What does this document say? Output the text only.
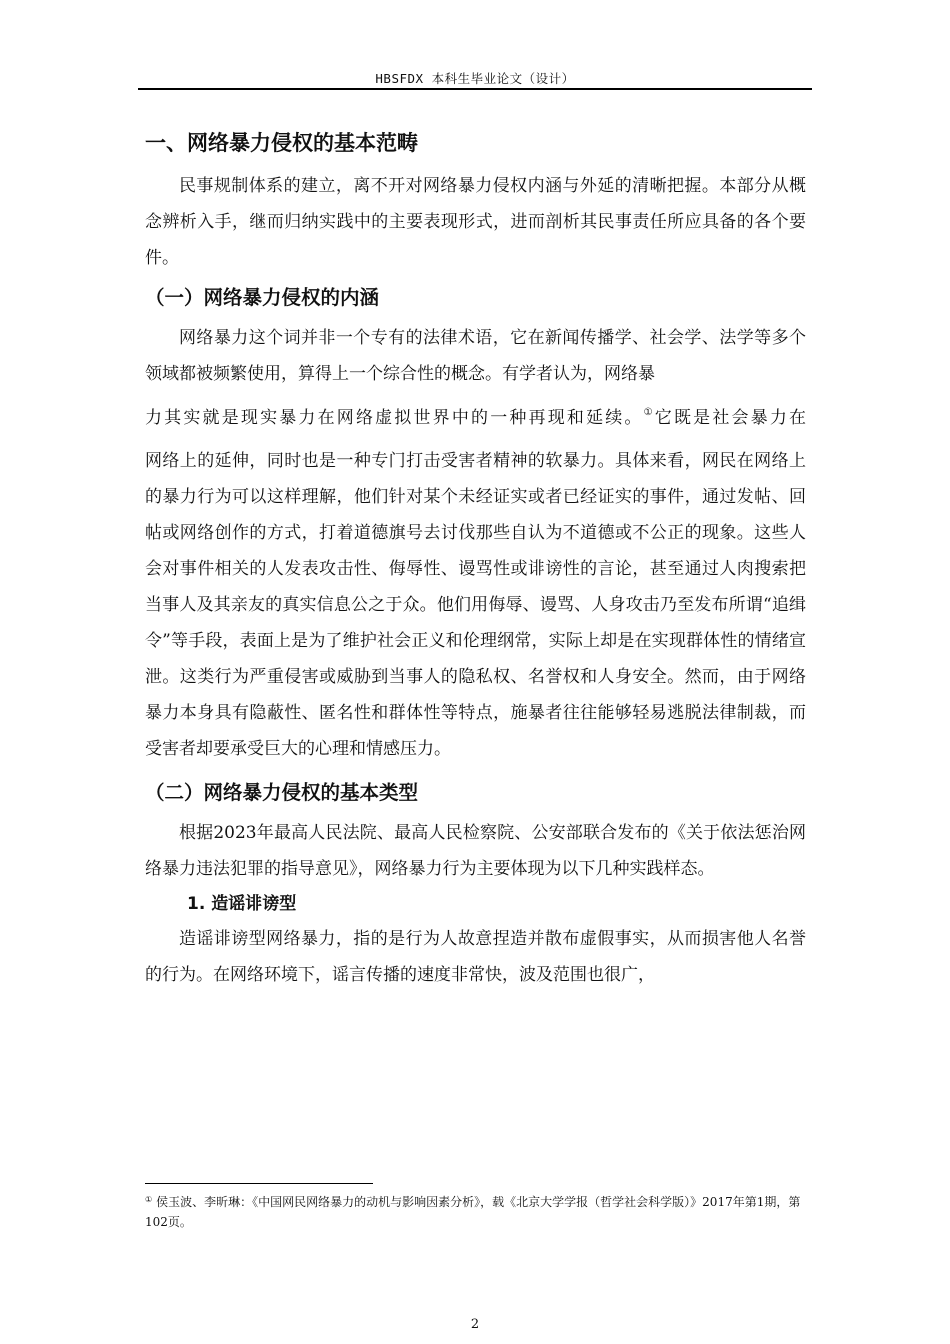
HBSFDX 本科生毕业论文（设计）
一、网络暴力侵权的基本范畴

民事规制体系的建立，离不开对网络暴力侵权内涵与外延的清晰把握。本部分从概念辨析入手，继而归纳实践中的主要表现形式，进而剖析其民事责任所应具备的各个要件。

（一）网络暴力侵权的内涵

网络暴力这个词并非一个专有的法律术语，它在新闻传播学、社会学、法学等多个领域都被频繁使用，算得上一个综合性的概念。有学者认为，网络暴

力其实就是现实暴力在网络虚拟世界中的一种再现和延续。①它既是社会暴力在

网络上的延伸，同时也是一种专门打击受害者精神的软暴力。具体来看，网民在网络上的暴力行为可以这样理解，他们针对某个未经证实或者已经证实的事件，通过发帖、回帖或网络创作的方式，打着道德旗号去讨伐那些自认为不道德或不公正的现象。这些人会对事件相关的人发表攻击性、侮辱性、谩骂性或诽谤性的言论，甚至通过人肉搜索把当事人及其亲友的真实信息公之于众。他们用侮辱、谩骂、人身攻击乃至发布所谓“追缉令”等手段，表面上是为了维护社会正义和伦理纲常，实际上却是在实现群体性的情绪宣泄。这类行为严重侵害或威胁到当事人的隐私权、名誉权和人身安全。然而，由于网络暴力本身具有隐蔽性、匿名性和群体性等特点，施暴者往往能够轻易逃脱法律制裁，而受害者却要承受巨大的心理和情感压力。

（二）网络暴力侵权的基本类型

根据2023年最高人民法院、最高人民检察院、公安部联合发布的《关于依法惩治网络暴力违法犯罪的指导意见》，网络暴力行为主要体现为以下几种实践样态。

1. 造谣诽谤型

造谣诽谤型网络暴力，指的是行为人故意捏造并散布虚假事实，从而损害他人名誉的行为。在网络环境下，谣言传播的速度非常快，波及范围也很广，

① 侯玉波、李昕琳：《中国网民网络暴力的动机与影响因素分析》，载《北京大学学报（哲学社会科学版）》2017年第1期，第102页。
2
